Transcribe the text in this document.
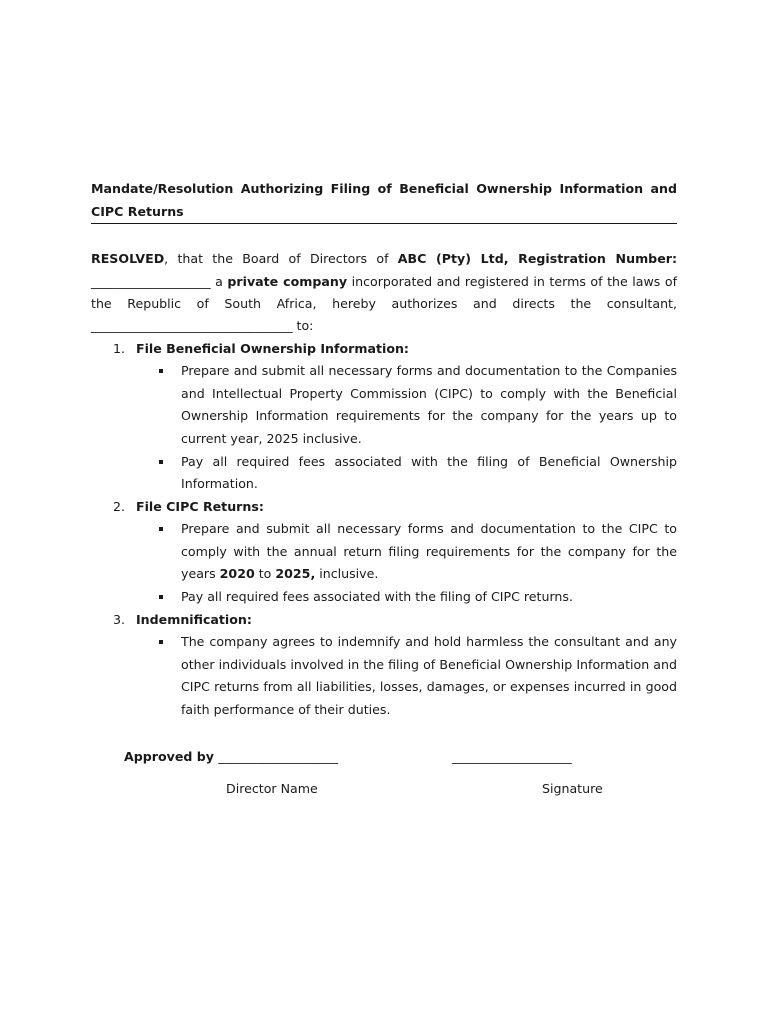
Mandate/Resolution Authorizing Filing of Beneficial Ownership Information and CIPC Returns
RESOLVED, that the Board of Directors of ABC (Pty) Ltd, Registration Number: ___________________ a private company incorporated and registered in terms of the laws of the Republic of South Africa, hereby authorizes and directs the consultant, ________________________________ to:
1. File Beneficial Ownership Information:
Prepare and submit all necessary forms and documentation to the Companies and Intellectual Property Commission (CIPC) to comply with the Beneficial Ownership Information requirements for the company for the years up to current year, 2025 inclusive.
Pay all required fees associated with the filing of Beneficial Ownership Information.
2. File CIPC Returns:
Prepare and submit all necessary forms and documentation to the CIPC to comply with the annual return filing requirements for the company for the years 2020 to 2025, inclusive.
Pay all required fees associated with the filing of CIPC returns.
3. Indemnification:
The company agrees to indemnify and hold harmless the consultant and any other individuals involved in the filing of Beneficial Ownership Information and CIPC returns from all liabilities, losses, damages, or expenses incurred in good faith performance of their duties.
Approved by ___________________	___________________
Director Name	Signature
